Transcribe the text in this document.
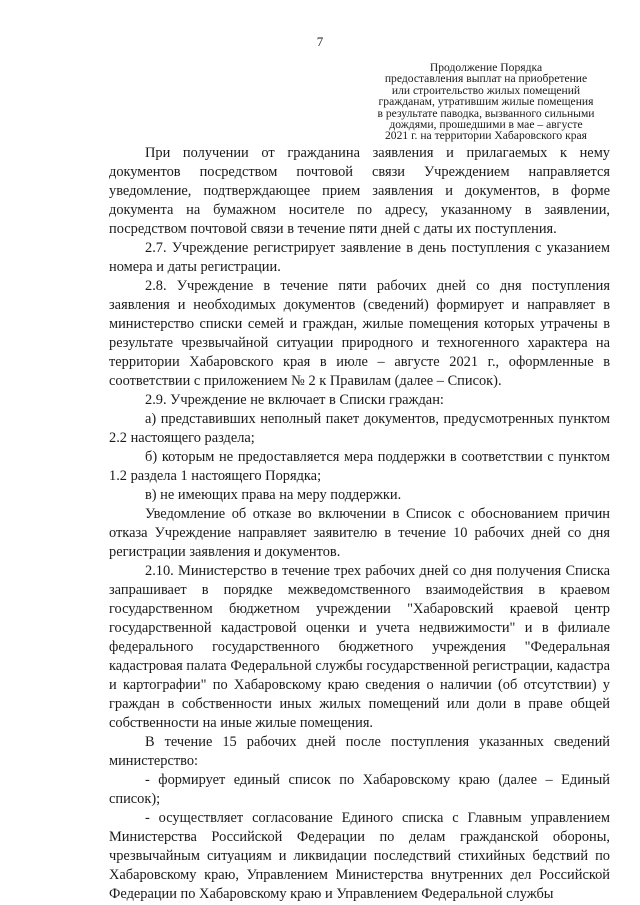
7
Продолжение Порядка
предоставления выплат на приобретение
или строительство жилых помещений
гражданам, утратившим жилые помещения
в результате паводка, вызванного сильными
дождями, прошедшими в мае – августе
2021 г. на территории Хабаровского края

При получении от гражданина заявления и прилагаемых к нему документов посредством почтовой связи Учреждением направляется уведомление, подтверждающее прием заявления и документов, в форме документа на бумажном носителе по адресу, указанному в заявлении, посредством почтовой связи в течение пяти дней с даты их поступления.

2.7. Учреждение регистрирует заявление в день поступления с указанием номера и даты регистрации.

2.8. Учреждение в течение пяти рабочих дней со дня поступления заявления и необходимых документов (сведений) формирует и направляет в министерство списки семей и граждан, жилые помещения которых утрачены в результате чрезвычайной ситуации природного и техногенного характера на территории Хабаровского края в июле – августе 2021 г., оформленные в соответствии с приложением № 2 к Правилам (далее – Список).

2.9. Учреждение не включает в Списки граждан:

а) представивших неполный пакет документов, предусмотренных пунктом 2.2 настоящего раздела;

б) которым не предоставляется мера поддержки в соответствии с пунктом 1.2 раздела 1 настоящего Порядка;

в) не имеющих права на меру поддержки.

Уведомление об отказе во включении в Список с обоснованием причин отказа Учреждение направляет заявителю в течение 10 рабочих дней со дня регистрации заявления и документов.

2.10. Министерство в течение трех рабочих дней со дня получения Списка запрашивает в порядке межведомственного взаимодействия в краевом государственном бюджетном учреждении "Хабаровский краевой центр государственной кадастровой оценки и учета недвижимости" и в филиале федерального государственного бюджетного учреждения "Федеральная кадастровая палата Федеральной службы государственной регистрации, кадастра и картографии" по Хабаровскому краю сведения о наличии (об отсутствии) у граждан в собственности иных жилых помещений или доли в праве общей собственности на иные жилые помещения.

В течение 15 рабочих дней после поступления указанных сведений министерство:

- формирует единый список по Хабаровскому краю (далее – Единый список);

- осуществляет согласование Единого списка с Главным управлением Министерства Российской Федерации по делам гражданской обороны, чрезвычайным ситуациям и ликвидации последствий стихийных бедствий по Хабаровскому краю, Управлением Министерства внутренних дел Российской Федерации по Хабаровскому краю и Управлением Федеральной службы
